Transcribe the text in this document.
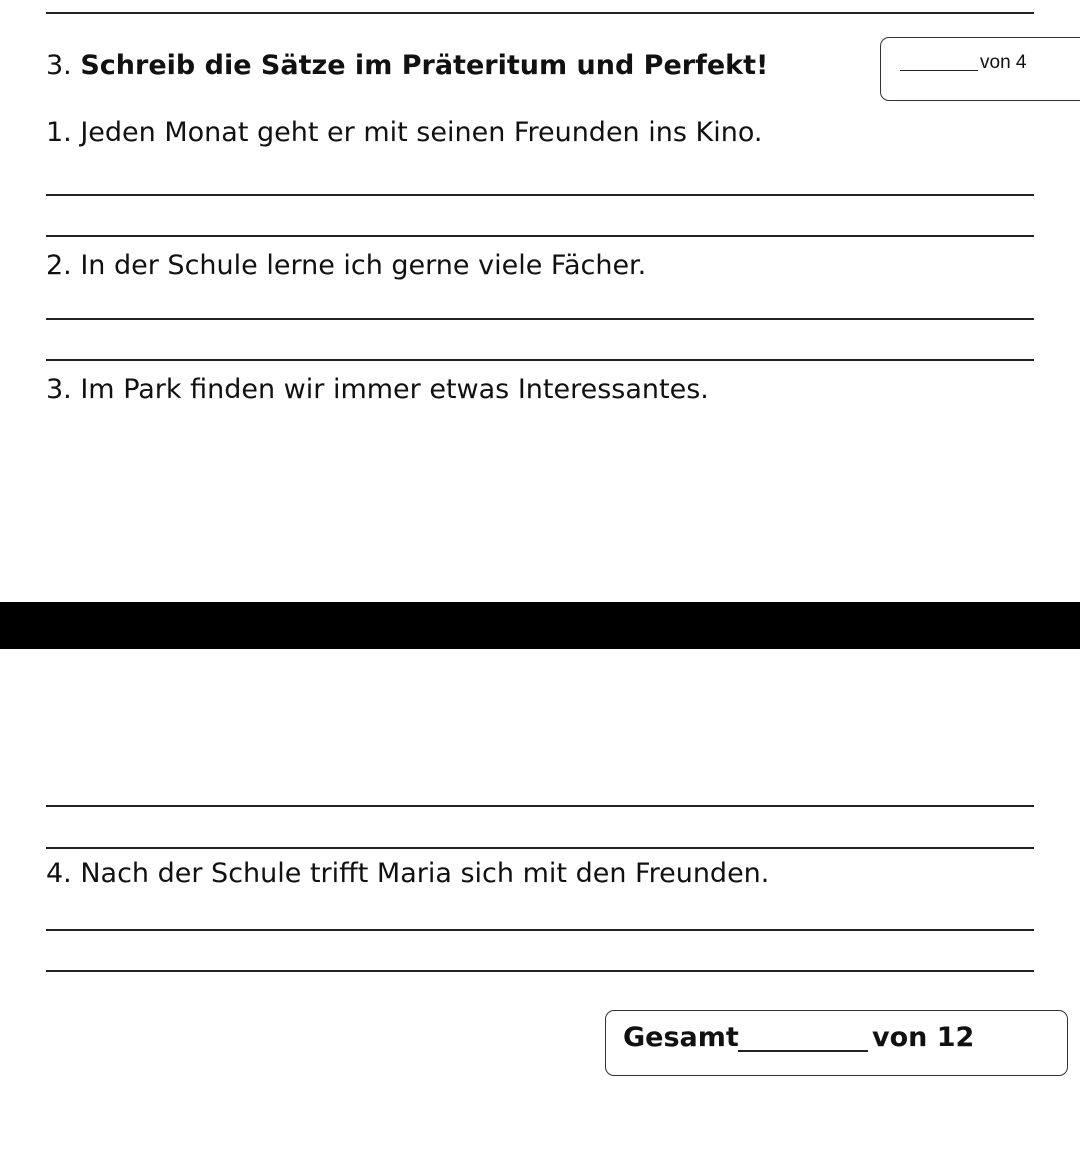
3. Schreib die Sätze im Präteritum und Perfekt!	von 4
1. Jeden Monat geht er mit seinen Freunden ins Kino.
2. In der Schule lerne ich gerne viele Fächer.
3. Im Park finden wir immer etwas Interessantes.
4. Nach der Schule trifft Maria sich mit den Freunden.
Gesamt	von 12
